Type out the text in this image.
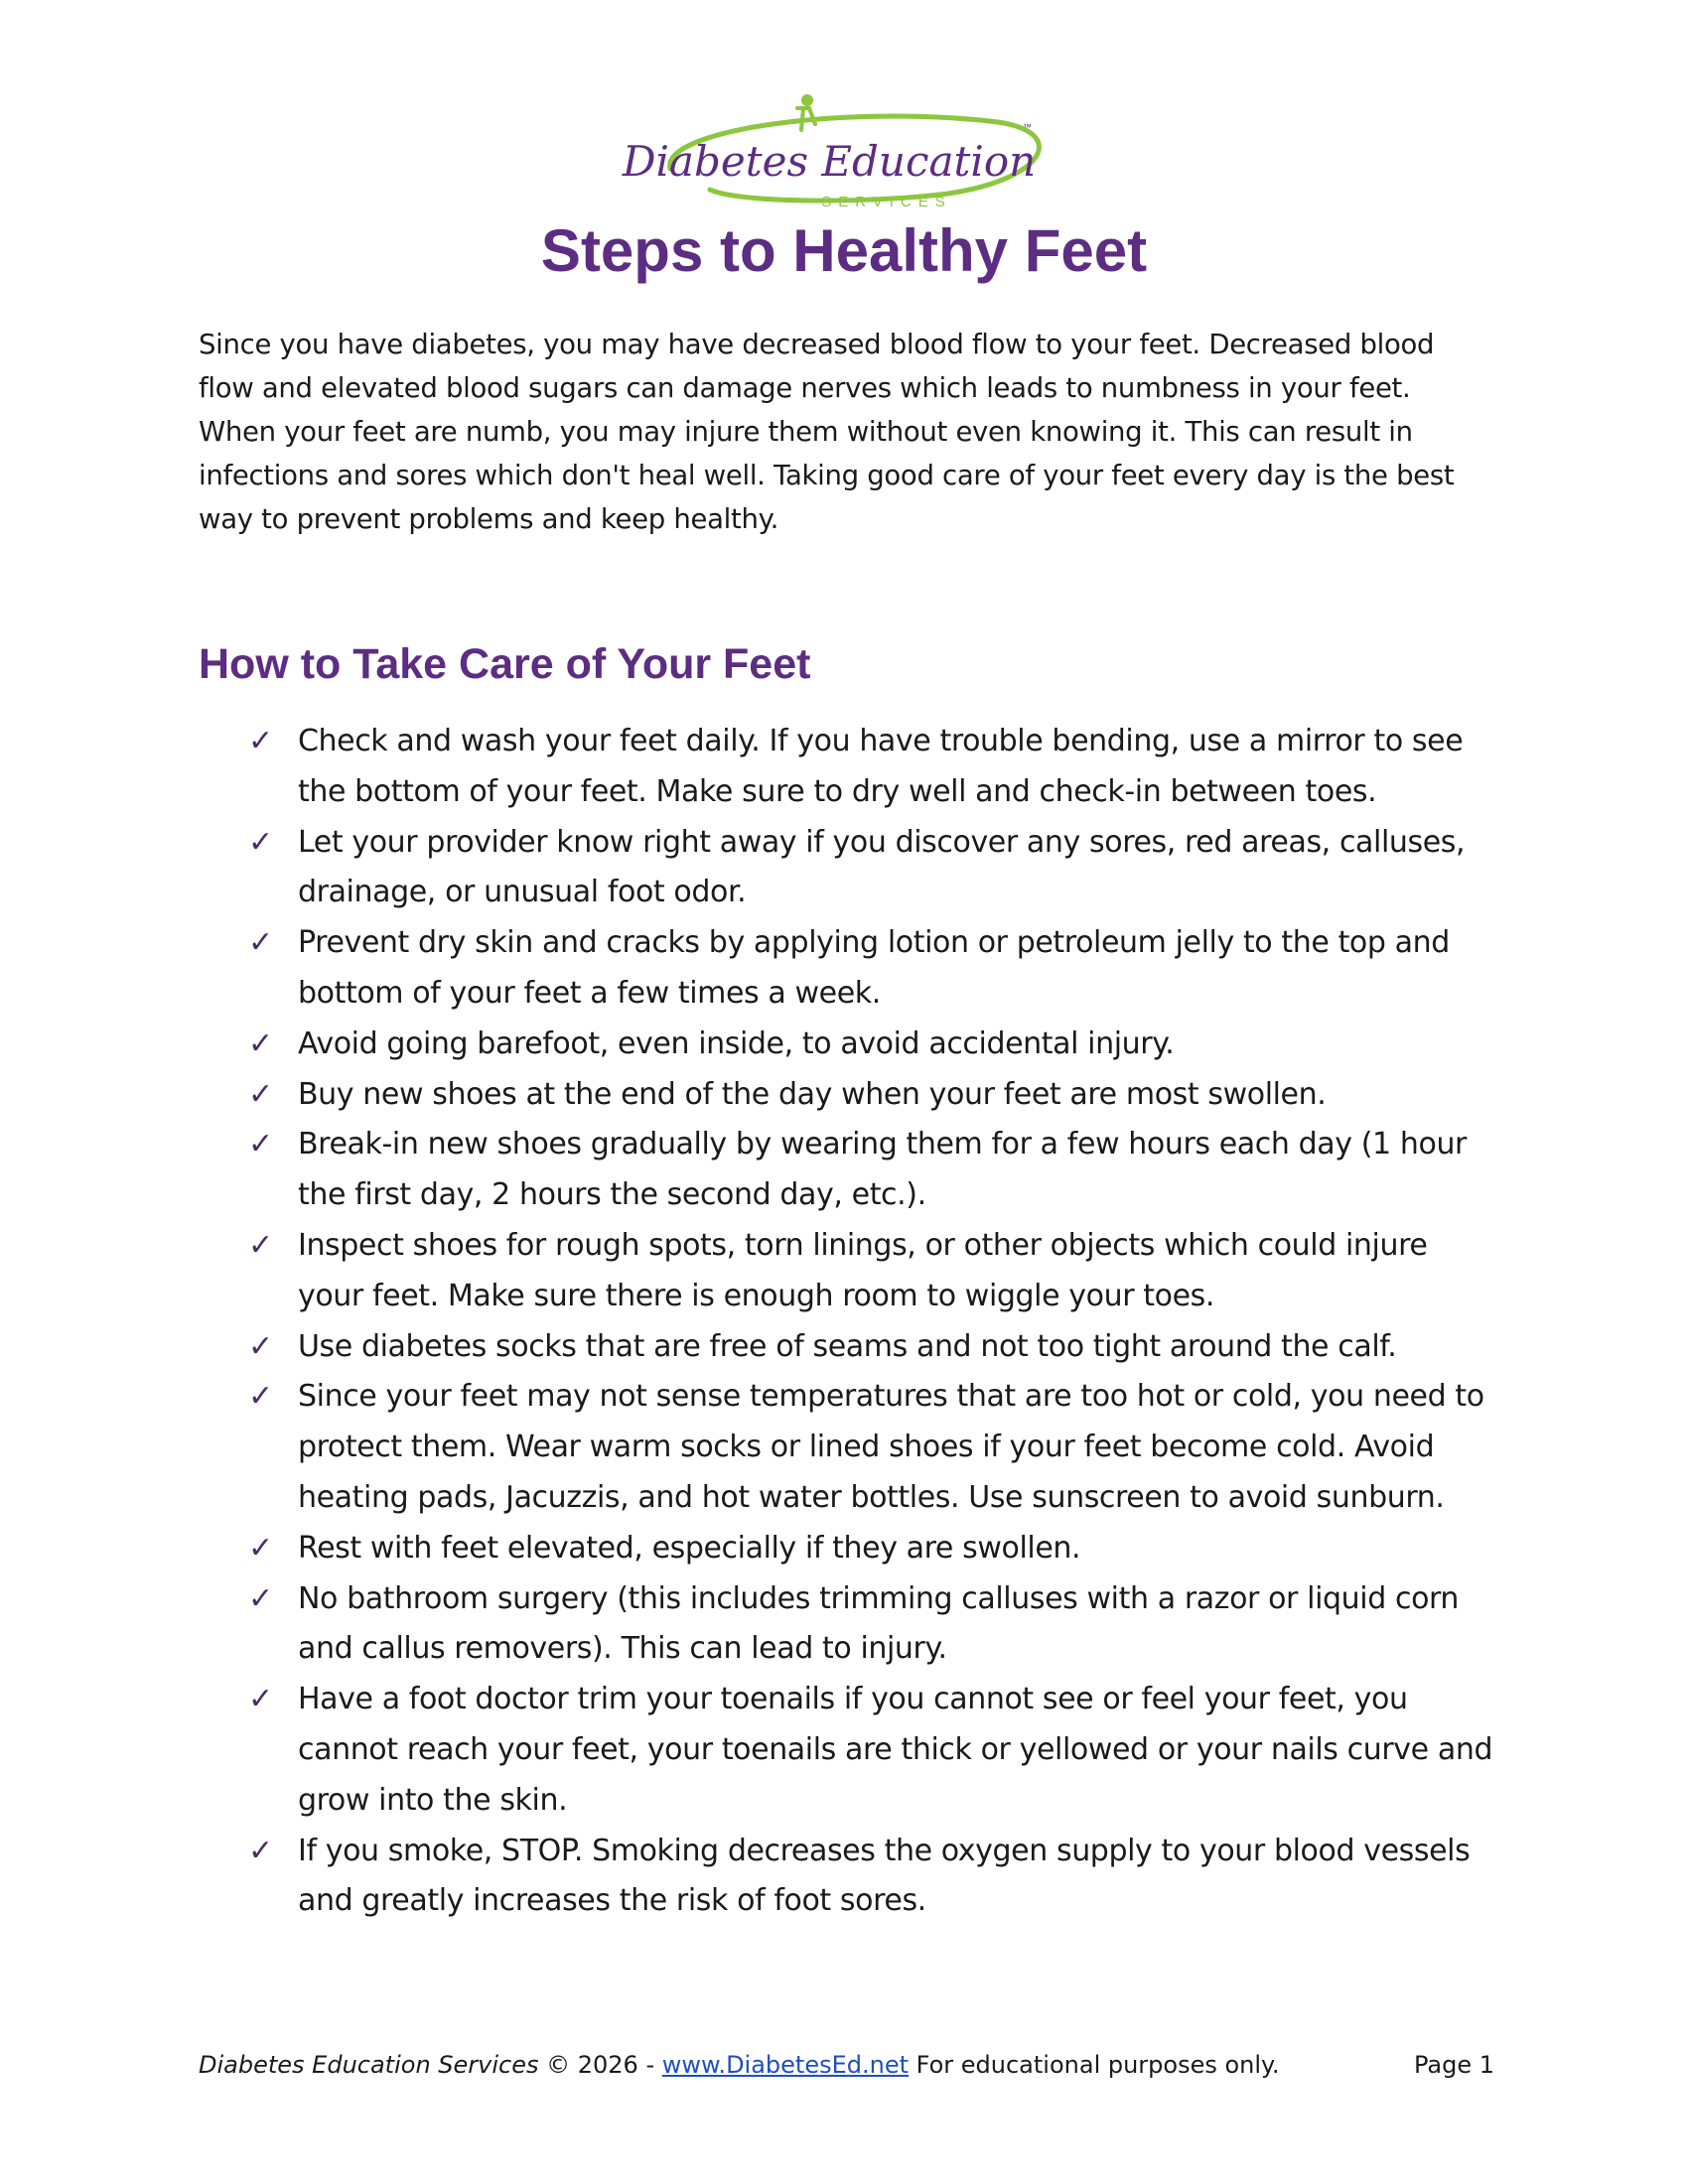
Diabetes Education
SERVICES
™
Steps to Healthy Feet

Since you have diabetes, you may have decreased blood flow to your feet. Decreased blood flow and elevated blood sugars can damage nerves which leads to numbness in your feet. When your feet are numb, you may injure them without even knowing it. This can result in infections and sores which don't heal well. Taking good care of your feet every day is the best way to prevent problems and keep healthy.

How to Take Care of Your Feet
✓ Check and wash your feet daily. If you have trouble bending, use a mirror to see the bottom of your feet. Make sure to dry well and check-in between toes.
✓ Let your provider know right away if you discover any sores, red areas, calluses, drainage, or unusual foot odor.
✓ Prevent dry skin and cracks by applying lotion or petroleum jelly to the top and bottom of your feet a few times a week.
✓ Avoid going barefoot, even inside, to avoid accidental injury.
✓ Buy new shoes at the end of the day when your feet are most swollen.
✓ Break-in new shoes gradually by wearing them for a few hours each day (1 hour the first day, 2 hours the second day, etc.).
✓ Inspect shoes for rough spots, torn linings, or other objects which could injure your feet. Make sure there is enough room to wiggle your toes.
✓ Use diabetes socks that are free of seams and not too tight around the calf.
✓ Since your feet may not sense temperatures that are too hot or cold, you need to protect them. Wear warm socks or lined shoes if your feet become cold. Avoid heating pads, Jacuzzis, and hot water bottles. Use sunscreen to avoid sunburn.
✓ Rest with feet elevated, especially if they are swollen.
✓ No bathroom surgery (this includes trimming calluses with a razor or liquid corn and callus removers). This can lead to injury.
✓ Have a foot doctor trim your toenails if you cannot see or feel your feet, you cannot reach your feet, your toenails are thick or yellowed or your nails curve and grow into the skin.
✓ If you smoke, STOP. Smoking decreases the oxygen supply to your blood vessels and greatly increases the risk of foot sores.
Diabetes Education Services © 2026 - www.DiabetesEd.net For educational purposes only.	Page 1
